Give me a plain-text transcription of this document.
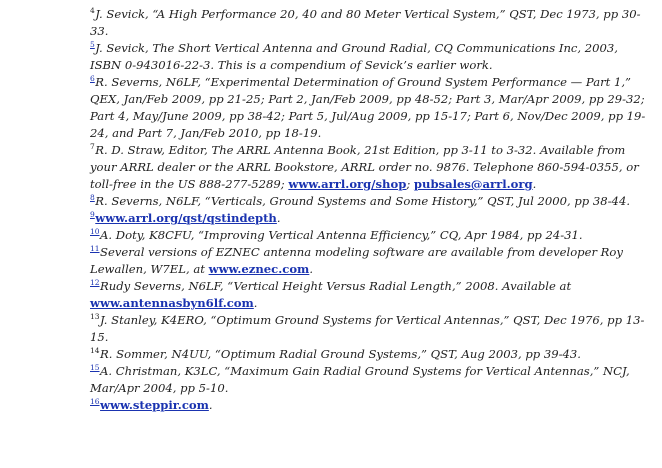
$^4$J. Sevick, “A High Performance 20, 40 and 80 Meter Vertical System,” QST, Dec 1973, pp 30-33.

$^5$J. Sevick, The Short Vertical Antenna and Ground Radial, CQ Communications Inc, 2003, ISBN 0-943016-22-3. This is a compendium of Sevick’s earlier work.

$^6$R. Severns, N6LF, “Experimental Determination of Ground System Performance — Part 1,” QEX, Jan/Feb 2009, pp 21-25; Part 2, Jan/Feb 2009, pp 48-52; Part 3, Mar/Apr 2009, pp 29-32; Part 4, May/June 2009, pp 38-42; Part 5, Jul/Aug 2009, pp 15-17; Part 6, Nov/Dec 2009, pp 19-24, and Part 7, Jan/Feb 2010, pp 18-19.

$^7$R. D. Straw, Editor, The ARRL Antenna Book, 21st Edition, pp 3-11 to 3-32. Available from your ARRL dealer or the ARRL Bookstore, ARRL order no. 9876. Telephone 860-594-0355, or toll-free in the US 888-277-5289; www.arrl.org/shop; pubsales@arrl.org.

$^8$R. Severns, N6LF, “Verticals, Ground Systems and Some History,” QST, Jul 2000, pp 38-44.

$^9$www.arrl.org/qst/qstindepth.

$^{10}$A. Doty, K8CFU, “Improving Vertical Antenna Efficiency,” CQ, Apr 1984, pp 24-31.

$^{11}$Several versions of EZNEC antenna modeling software are available from developer Roy Lewallen, W7EL, at www.eznec.com.

$^{12}$Rudy Severns, N6LF, “Vertical Height Versus Radial Length,” 2008. Available at www.antennasbyn6lf.com.

$^{13}$J. Stanley, K4ERO, “Optimum Ground Systems for Vertical Antennas,” QST, Dec 1976, pp 13-15.

$^{14}$R. Sommer, N4UU, “Optimum Radial Ground Systems,” QST, Aug 2003, pp 39-43.

$^{15}$A. Christman, K3LC, “Maximum Gain Radial Ground Systems for Vertical Antennas,” NCJ, Mar/Apr 2004, pp 5-10.

$^{16}$www.steppir.com.
